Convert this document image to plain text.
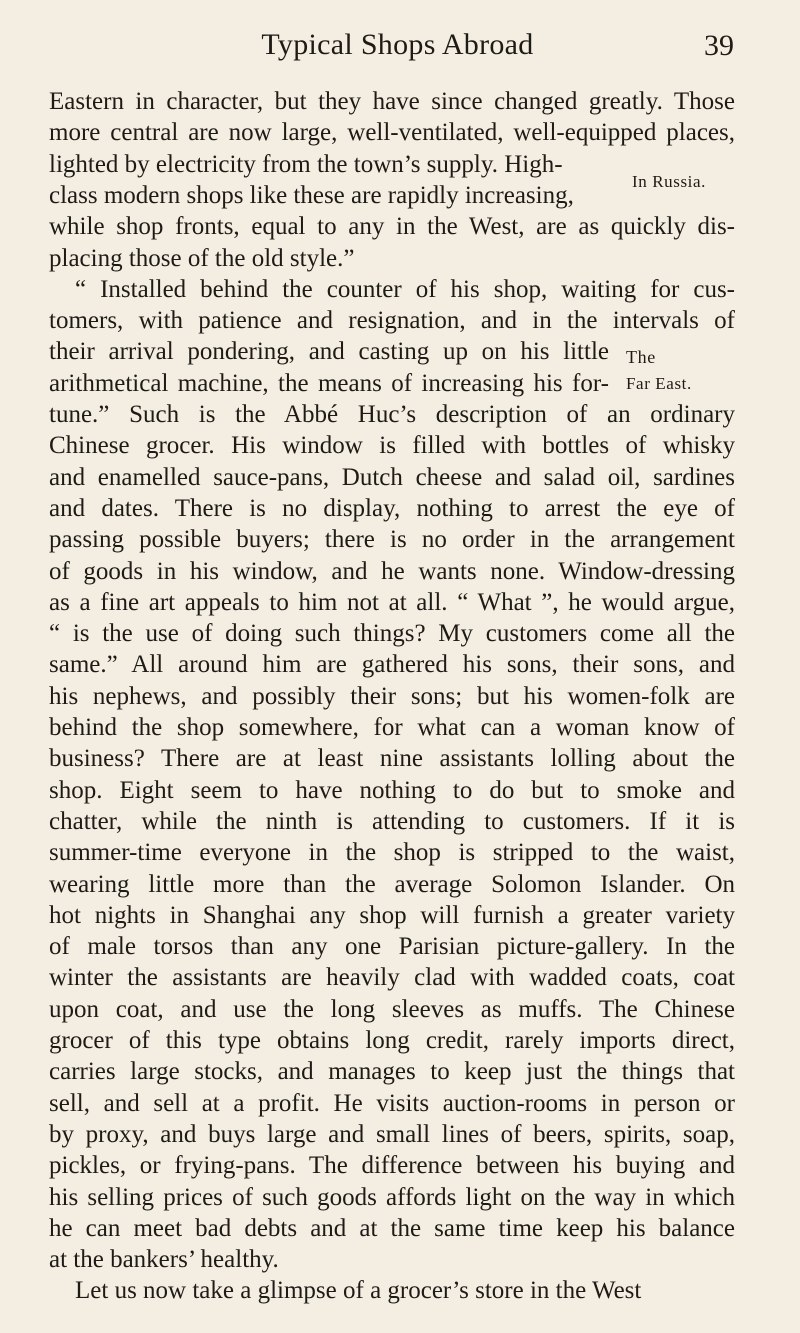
Typical Shops Abroad	39
In Russia.
The
Far East.
Eastern in character, but they have since changed greatly. Those
more central are now large, well-ventilated, well-equipped places,
lighted by electricity from the town’s supply. High-
class modern shops like these are rapidly increasing,
while shop fronts, equal to any in the West, are as quickly dis-
placing those of the old style.”
“ Installed behind the counter of his shop, waiting for cus-
tomers, with patience and resignation, and in the intervals of
their arrival pondering, and casting up on his little
arithmetical machine, the means of increasing his for-
tune.” Such is the Abbé Huc’s description of an ordinary
Chinese grocer. His window is filled with bottles of whisky
and enamelled sauce-pans, Dutch cheese and salad oil, sardines
and dates. There is no display, nothing to arrest the eye of
passing possible buyers; there is no order in the arrangement
of goods in his window, and he wants none. Window-dressing
as a fine art appeals to him not at all. “ What ”, he would argue,
“ is the use of doing such things? My customers come all the
same.” All around him are gathered his sons, their sons, and
his nephews, and possibly their sons; but his women-folk are
behind the shop somewhere, for what can a woman know of
business? There are at least nine assistants lolling about the
shop. Eight seem to have nothing to do but to smoke and
chatter, while the ninth is attending to customers. If it is
summer-time everyone in the shop is stripped to the waist,
wearing little more than the average Solomon Islander. On
hot nights in Shanghai any shop will furnish a greater variety
of male torsos than any one Parisian picture-gallery. In the
winter the assistants are heavily clad with wadded coats, coat
upon coat, and use the long sleeves as muffs. The Chinese
grocer of this type obtains long credit, rarely imports direct,
carries large stocks, and manages to keep just the things that
sell, and sell at a profit. He visits auction-rooms in person or
by proxy, and buys large and small lines of beers, spirits, soap,
pickles, or frying-pans. The difference between his buying and
his selling prices of such goods affords light on the way in which
he can meet bad debts and at the same time keep his balance
at the bankers’ healthy.
Let us now take a glimpse of a grocer’s store in the West
